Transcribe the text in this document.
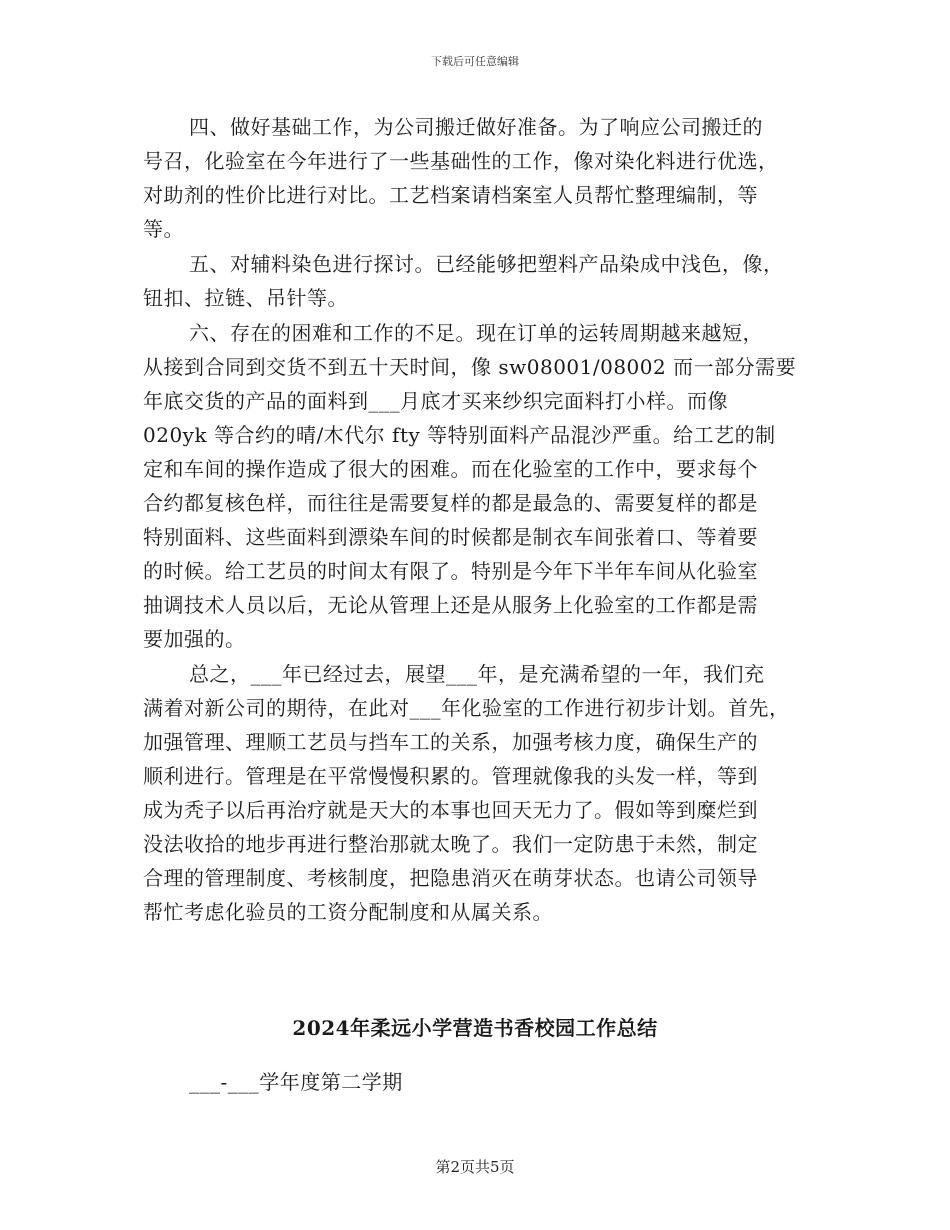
下载后可任意编辑
四、做好基础工作，为公司搬迁做好准备。为了响应公司搬迁的
号召，化验室在今年进行了一些基础性的工作，像对染化料进行优选，
对助剂的性价比进行对比。工艺档案请档案室人员帮忙整理编制，等
等。
五、对辅料染色进行探讨。已经能够把塑料产品染成中浅色，像，
钮扣、拉链、吊针等。
六、存在的困难和工作的不足。现在订单的运转周期越来越短，
从接到合同到交货不到五十天时间，像 sw08001/08002 而一部分需要
年底交货的产品的面料到___月底才买来纱织完面料打小样。而像
020yk 等合约的晴/木代尔 fty 等特别面料产品混沙严重。给工艺的制
定和车间的操作造成了很大的困难。而在化验室的工作中，要求每个
合约都复核色样，而往往是需要复样的都是最急的、需要复样的都是
特别面料、这些面料到漂染车间的时候都是制衣车间张着口、等着要
的时候。给工艺员的时间太有限了。特别是今年下半年车间从化验室
抽调技术人员以后，无论从管理上还是从服务上化验室的工作都是需
要加强的。
总之，___年已经过去，展望___年，是充满希望的一年，我们充
满着对新公司的期待，在此对___年化验室的工作进行初步计划。首先，
加强管理、理顺工艺员与挡车工的关系，加强考核力度，确保生产的
顺利进行。管理是在平常慢慢积累的。管理就像我的头发一样，等到
成为秃子以后再治疗就是天大的本事也回天无力了。假如等到糜烂到
没法收拾的地步再进行整治那就太晚了。我们一定防患于未然，制定
合理的管理制度、考核制度，把隐患消灭在萌芽状态。也请公司领导
帮忙考虑化验员的工资分配制度和从属关系。
2024年柔远小学营造书香校园工作总结
___-___学年度第二学期
第2页共5页
